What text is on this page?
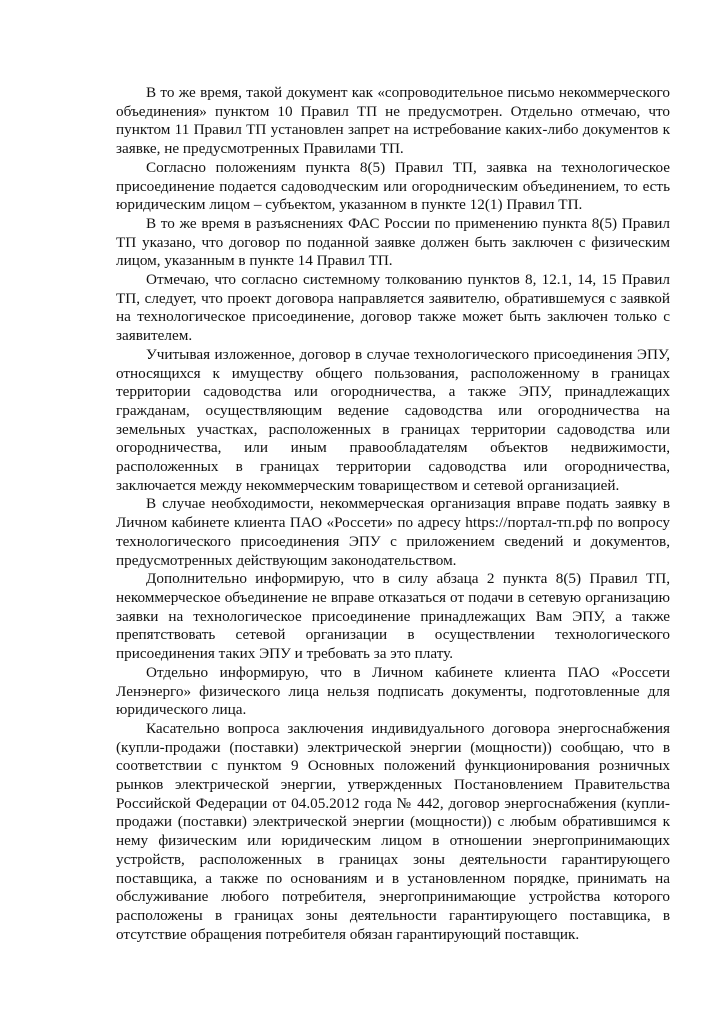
В то же время, такой документ как «сопроводительное письмо некоммерческого объединения» пунктом 10 Правил ТП не предусмотрен. Отдельно отмечаю, что пунктом 11 Правил ТП установлен запрет на истребование каких-либо документов к заявке, не предусмотренных Правилами ТП.

Согласно положениям пункта 8(5) Правил ТП, заявка на технологическое присоединение подается садоводческим или огородническим объединением, то есть юридическим лицом – субъектом, указанном в пункте 12(1) Правил ТП.

В то же время в разъяснениях ФАС России по применению пункта 8(5) Правил ТП указано, что договор по поданной заявке должен быть заключен с физическим лицом, указанным в пункте 14 Правил ТП.

Отмечаю, что согласно системному толкованию пунктов 8, 12.1, 14, 15 Правил ТП, следует, что проект договора направляется заявителю, обратившемуся с заявкой на технологическое присоединение, договор также может быть заключен только с заявителем.

Учитывая изложенное, договор в случае технологического присоединения ЭПУ, относящихся к имуществу общего пользования, расположенному в границах территории садоводства или огородничества, а также ЭПУ, принадлежащих гражданам, осуществляющим ведение садоводства или огородничества на земельных участках, расположенных в границах территории садоводства или огородничества, или иным правообладателям объектов недвижимости, расположенных в границах территории садоводства или огородничества, заключается между некоммерческим товариществом и сетевой организацией.

В случае необходимости, некоммерческая организация вправе подать заявку в Личном кабинете клиента ПАО «Россети» по адресу https://портал-тп.рф по вопросу технологического присоединения ЭПУ с приложением сведений и документов, предусмотренных действующим законодательством.

Дополнительно информирую, что в силу абзаца 2 пункта 8(5) Правил ТП, некоммерческое объединение не вправе отказаться от подачи в сетевую организацию заявки на технологическое присоединение принадлежащих Вам ЭПУ, а также препятствовать сетевой организации в осуществлении технологического присоединения таких ЭПУ и требовать за это плату.

Отдельно информирую, что в Личном кабинете клиента ПАО «Россети Ленэнерго» физического лица нельзя подписать документы, подготовленные для юридического лица.

Касательно вопроса заключения индивидуального договора энергоснабжения (купли-продажи (поставки) электрической энергии (мощности)) сообщаю, что в соответствии с пунктом 9 Основных положений функционирования розничных рынков электрической энергии, утвержденных Постановлением Правительства Российской Федерации от 04.05.2012 года № 442, договор энергоснабжения (купли-продажи (поставки) электрической энергии (мощности)) с любым обратившимся к нему физическим или юридическим лицом в отношении энергопринимающих устройств, расположенных в границах зоны деятельности гарантирующего поставщика, а также по основаниям и в установленном порядке, принимать на обслуживание любого потребителя, энергопринимающие устройства которого расположены в границах зоны деятельности гарантирующего поставщика, в отсутствие обращения потребителя обязан гарантирующий поставщик.
